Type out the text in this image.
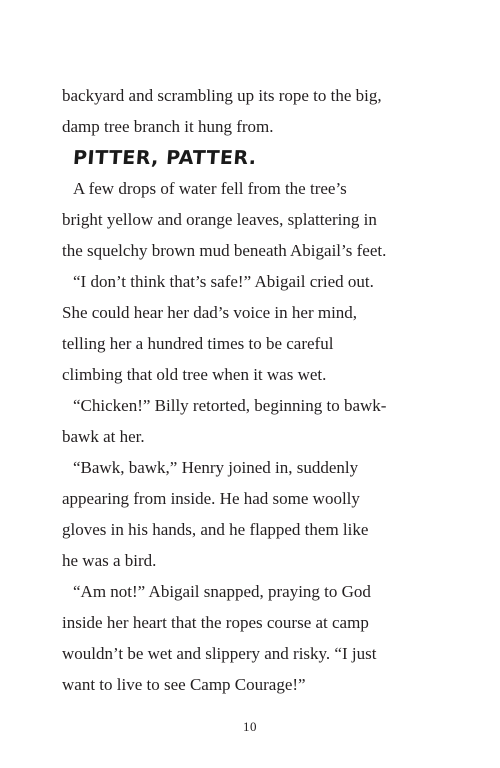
backyard and scrambling up its rope to the big,
damp tree branch it hung from.
PITTER, PATTER.
A few drops of water fell from the tree’s
bright yellow and orange leaves, splattering in
the squelchy brown mud beneath Abigail’s feet.
“I don’t think that’s safe!” Abigail cried out.
She could hear her dad’s voice in her mind,
telling her a hundred times to be careful
climbing that old tree when it was wet.
“Chicken!” Billy retorted, beginning to bawk-
bawk at her.
“Bawk, bawk,” Henry joined in, suddenly
appearing from inside. He had some woolly
gloves in his hands, and he flapped them like
he was a bird.
“Am not!” Abigail snapped, praying to God
inside her heart that the ropes course at camp
wouldn’t be wet and slippery and risky. “I just
want to live to see Camp Courage!”
10
